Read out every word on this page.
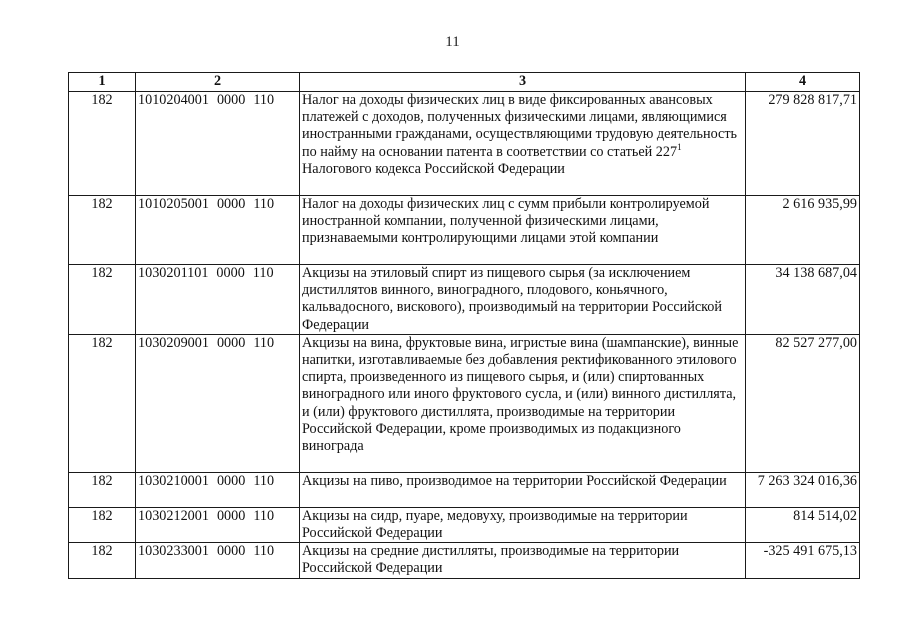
11
1	2	3	4
182	1010204001 0000 110	Налог на доходы физических лиц в виде фиксированных авансовых платежей с доходов, полученных физическими лицами, являющимися иностранными гражданами, осуществляющими трудовую деятельность по найму на основании патента в соответствии со статьей $227^1$ Налогового кодекса Российской Федерации	279 828 817,71
182	1010205001 0000 110	Налог на доходы физических лиц с сумм прибыли контролируемой иностранной компании, полученной физическими лицами, признаваемыми контролирующими лицами этой компании	2 616 935,99
182	1030201101 0000 110	Акцизы на этиловый спирт из пищевого сырья (за исключением дистиллятов винного, виноградного, плодового, коньячного, кальвадосного, вискового), производимый на территории Российской Федерации	34 138 687,04
182	1030209001 0000 110	Акцизы на вина, фруктовые вина, игристые вина (шампанские), винные напитки, изготавливаемые без добавления ректификованного этилового спирта, произведенного из пищевого сырья, и (или) спиртованных виноградного или иного фруктового сусла, и (или) винного дистиллята, и (или) фруктового дистиллята, производимые на территории Российской Федерации, кроме производимых из подакцизного винограда	82 527 277,00
182	1030210001 0000 110	Акцизы на пиво, производимое на территории Российской Федерации	7 263 324 016,36
182	1030212001 0000 110	Акцизы на сидр, пуаре, медовуху, производимые на территории Российской Федерации	814 514,02
182	1030233001 0000 110	Акцизы на средние дистилляты, производимые на территории Российской Федерации	-325 491 675,13
